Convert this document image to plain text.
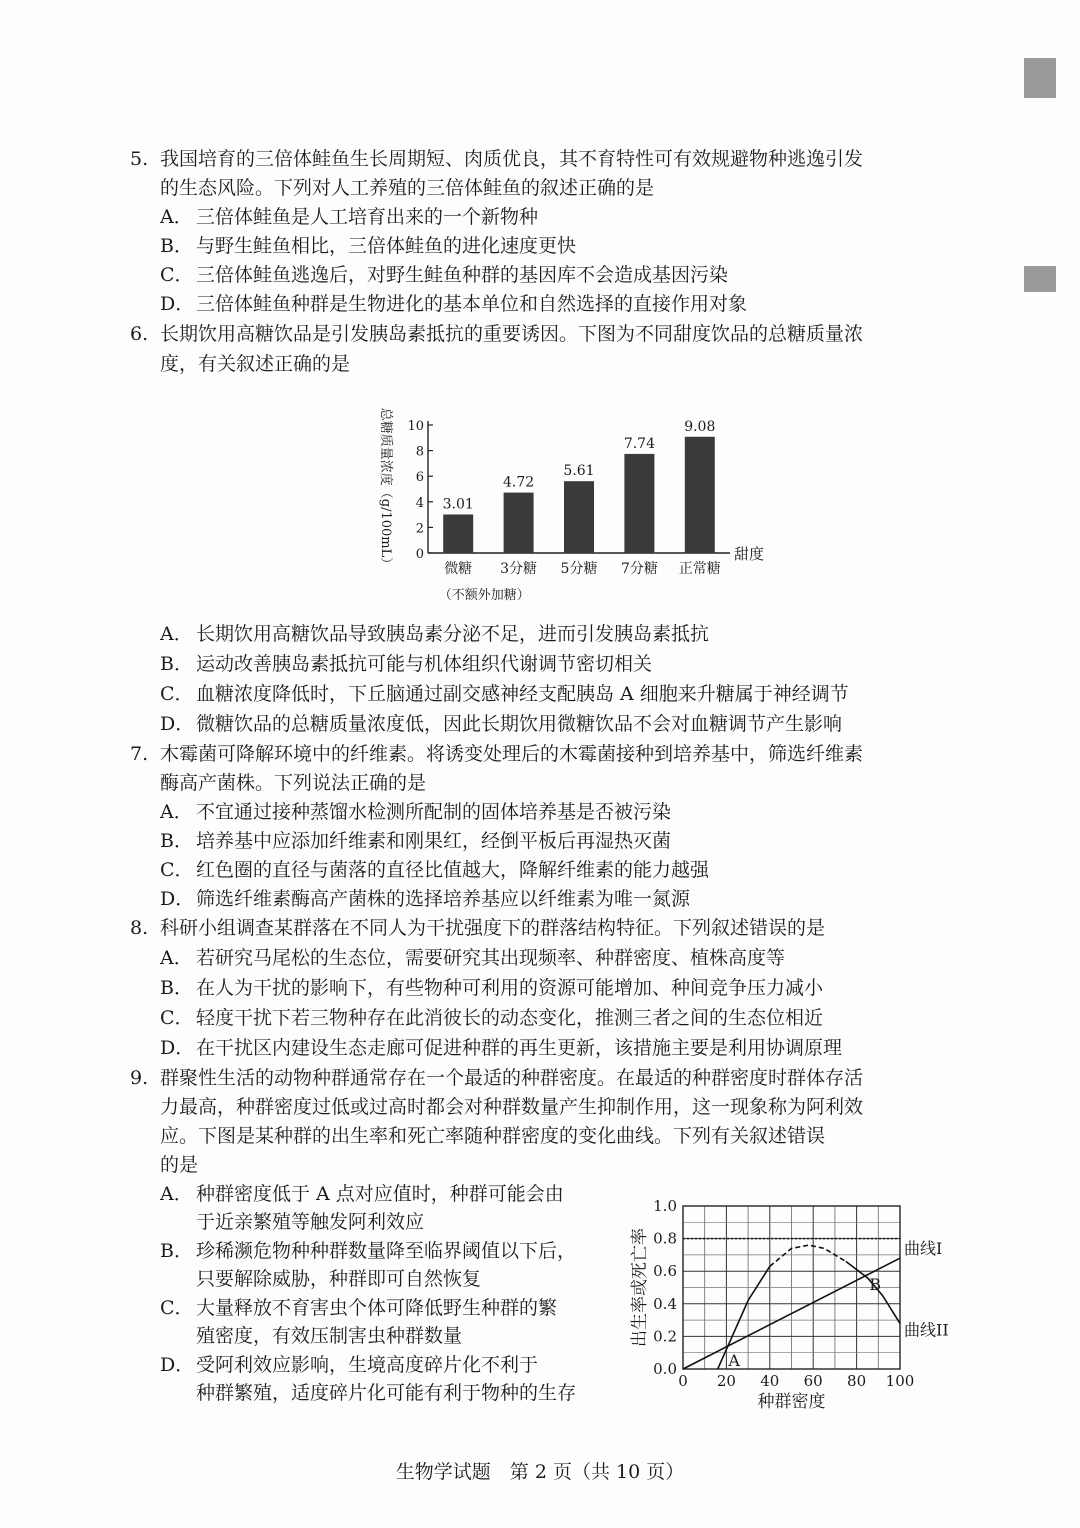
5. 我国培育的三倍体鲑鱼生长周期短、肉质优良，其不育特性可有效规避物种逃逸引发
的生态风险。下列对人工养殖的三倍体鲑鱼的叙述正确的是
A． 三倍体鲑鱼是人工培育出来的一个新物种
B． 与野生鲑鱼相比，三倍体鲑鱼的进化速度更快
C． 三倍体鲑鱼逃逸后，对野生鲑鱼种群的基因库不会造成基因污染
D．三倍体鲑鱼种群是生物进化的基本单位和自然选择的直接作用对象
6. 长期饮用高糖饮品是引发胰岛素抵抗的重要诱因。下图为不同甜度饮品的总糖质量浓
度，有关叙述正确的是
0
2
4
6
8
10
3.01
微糖
4.72
3分糖
5.61
5分糖
7.74
7分糖
9.08
正常糖
（不额外加糖）
甜度
总糖质量浓度（g/100mL）
A． 长期饮用高糖饮品导致胰岛素分泌不足，进而引发胰岛素抵抗
B． 运动改善胰岛素抵抗可能与机体组织代谢调节密切相关
C． 血糖浓度降低时，下丘脑通过副交感神经支配胰岛 A 细胞来升糖属于神经调节
D．微糖饮品的总糖质量浓度低，因此长期饮用微糖饮品不会对血糖调节产生影响
7. 木霉菌可降解环境中的纤维素。将诱变处理后的木霉菌接种到培养基中，筛选纤维素
酶高产菌株。下列说法正确的是
A． 不宜通过接种蒸馏水检测所配制的固体培养基是否被污染
B． 培养基中应添加纤维素和刚果红，经倒平板后再湿热灭菌
C． 红色圈的直径与菌落的直径比值越大，降解纤维素的能力越强
D．筛选纤维素酶高产菌株的选择培养基应以纤维素为唯一氮源
8. 科研小组调查某群落在不同人为干扰强度下的群落结构特征。下列叙述错误的是
A． 若研究马尾松的生态位，需要研究其出现频率、种群密度、植株高度等
B． 在人为干扰的影响下，有些物种可利用的资源可能增加、种间竞争压力减小
C． 轻度干扰下若三物种存在此消彼长的动态变化，推测三者之间的生态位相近
D．在干扰区内建设生态走廊可促进种群的再生更新，该措施主要是利用协调原理
9. 群聚性生活的动物种群通常存在一个最适的种群密度。在最适的种群密度时群体存活
力最高，种群密度过低或过高时都会对种群数量产生抑制作用，这一现象称为阿利效
应。下图是某种群的出生率和死亡率随种群密度的变化曲线。下列有关叙述错误
的是
A． 种群密度低于 A 点对应值时，种群可能会由
于近亲繁殖等触发阿利效应
B． 珍稀濒危物种种群数量降至临界阈值以下后，
只要解除威胁，种群即可自然恢复
C． 大量释放不育害虫个体可降低野生种群的繁
殖密度，有效压制害虫种群数量
D．受阿利效应影响，生境高度碎片化不利于
种群繁殖，适度碎片化可能有利于物种的生存
0 20 40 60 80 100
0.0
0.2
0.4
0.6
0.8
1.0
曲线I
曲线II
A
B
种群密度
出生率或死亡率
生物学试题　第 2 页（共 10 页）
